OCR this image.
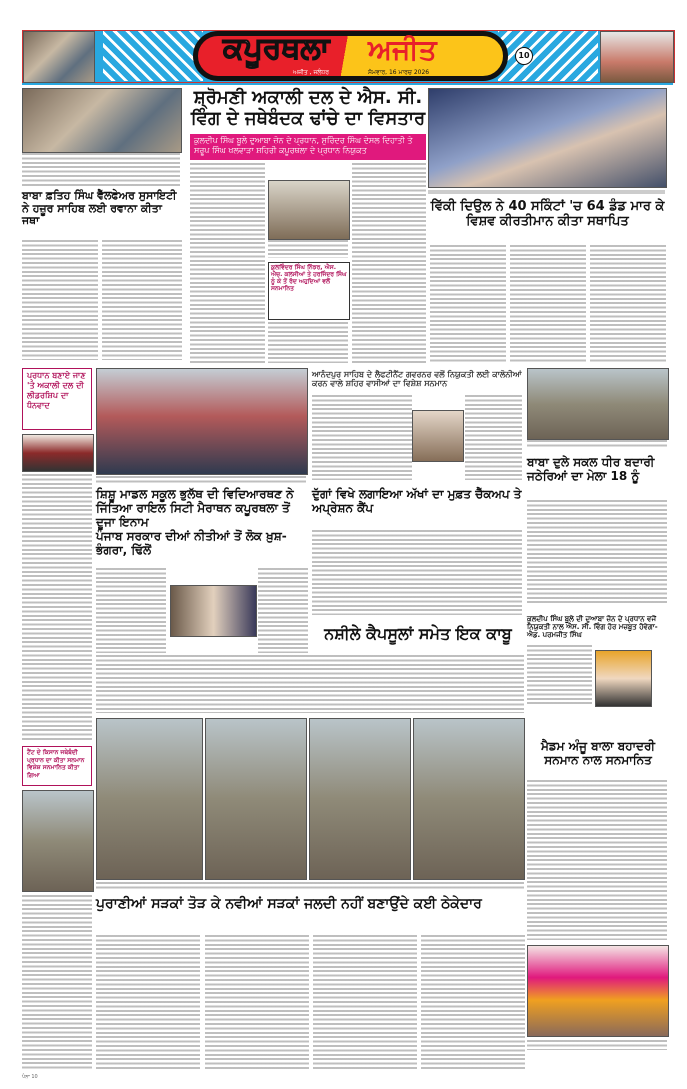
ਕਪੂਰਥਲਾ ਅਜੀਤ
ਅਜੀਤ , ਜਲੰਧਰ	ਸੋਮਵਾਰ, 16 ਮਾਰਚ 2026
10
ਬਾਬਾ ਫ਼ਤਿਹ ਸਿੰਘ ਵੈੱਲਫੇਅਰ ਸੁਸਾਇਟੀ ਨੇ ਹਜ਼ੂਰ ਸਾਹਿਬ ਲਈ ਰਵਾਨਾ ਕੀਤਾ ਜਥਾ
ਸ਼੍ਰੋਮਣੀ ਅਕਾਲੀ ਦਲ ਦੇ ਐਸ. ਸੀ. ਵਿੰਗ ਦੇ ਜਥੇਬੰਦਕ ਢਾਂਚੇ ਦਾ ਵਿਸਤਾਰ
ਕੁਲਦੀਪ ਸਿੰਘ ਬੂਲੇ ਦੁਆਬਾ ਜ਼ੋਨ ਦੇ ਪ੍ਰਧਾਨ, ਸੁਰਿੰਦਰ ਸਿੰਘ ਦੇਸਲ ਦਿਹਾਤੀ ਤੇ ਸਰੂਪ ਸਿੰਘ ਖਲਵਾੜਾ ਸ਼ਹਿਰੀ ਕਪੂਰਥਲਾ ਦੇ ਪ੍ਰਧਾਨ ਨਿਯੁਕਤ
ਕੁਲਵਿੰਦਰ ਸਿੰਘ ਨਿੱਝਰ, ਐਸ. ਐਚ. ਕਲਸੀਆਂ ਤੇ ਹਰਜਿੰਦਰ ਸਿੰਘ ਨੂੰ ਕੇ ਤੋਂ ਰੱਦ ਅਹੁਦਿਆਂ ਵਲੋਂ ਸਨਮਾਨਿਤ
ਵਿੱਕੀ ਦਿਉਲ ਨੇ 40 ਸਕਿੰਟਾਂ 'ਚ 64 ਡੰਡ ਮਾਰ ਕੇ ਵਿਸ਼ਵ ਕੀਰਤੀਮਾਨ ਕੀਤਾ ਸਥਾਪਿਤ
ਪ੍ਰਧਾਨ ਬਣਾਏ ਜਾਣ 'ਤੇ ਅਕਾਲੀ ਦਲ ਦੀ ਲੀਡਰਸ਼ਿਪ ਦਾ ਧੰਨਵਾਦ
ਟੈਂਟ ਦੇ ਕਿਸਾਨ ਜਥੇਬੰਦੀ ਪ੍ਰਧਾਨ ਦਾ ਕੀਤਾ ਸਨਮਾਨ ਵਿਸ਼ੇਸ਼ ਸਨਮਾਨਿਤ ਕੀਤਾ ਗਿਆ
ਸ਼ਿਸ਼ੂ ਮਾਡਲ ਸਕੂਲ ਭੁਲੱਥ ਦੀ ਵਿਦਿਆਰਥਣ ਨੇ ਜਿੱਤਿਆ ਰਾਇਲ ਸਿਟੀ ਮੈਰਾਥਨ ਕਪੂਰਥਲਾ ਤੋਂ ਦੂਜਾ ਇਨਾਮ
ਆਨੰਦਪੁਰ ਸਾਹਿਬ ਦੇ ਲੈਫਟੀਨੈਂਟ ਗਵਰਨਰ ਵਲੋਂ ਨਿਯੁਕਤੀ ਲਈ ਕਾਲੋਨੀਆਂ ਕਰਨ ਵਾਲੇ ਸ਼ਹਿਰ ਵਾਸੀਆਂ ਦਾ ਵਿਸ਼ੇਸ਼ ਸਨਮਾਨ
ਬਾਬਾ ਦੁਲੇ ਸਕਲ ਧੀਰ ਬਦਾਰੀ ਜਠੇਰਿਆਂ ਦਾ ਮੇਲਾ 18 ਨੂੰ
ਦੁੱਗਾਂ ਵਿਖੇ ਲਗਾਇਆ ਅੱਖਾਂ ਦਾ ਮੁਫ਼ਤ ਚੈੱਕਅਪ ਤੇ ਅਪ੍ਰੇਸ਼ਨ ਕੈਂਪ
ਪੰਜਾਬ ਸਰਕਾਰ ਦੀਆਂ ਨੀਤੀਆਂ ਤੋਂ ਲੋਕ ਖ਼ੁਸ਼-ਭੰਗਰਾ, ਢਿੱਲੋਂ
ਕੁਲਦੀਪ ਸਿੰਘ ਬੂਲੇ ਦੀ ਦੁਆਬਾ ਜ਼ੋਨ ਦੇ ਪ੍ਰਧਾਨ ਵਜੋਂ ਨਿਯੁਕਤੀ ਨਾਲ ਐਸ. ਸੀ. ਵਿੰਗ ਹੋਰ ਮਜ਼ਬੂਤ ਹੋਵੇਗਾ-ਐਡ. ਪਰਮਜੀਤ ਸਿੰਘ
ਮੈਡਮ ਅੰਜੂ ਬਾਲਾ ਬਹਾਦਰੀ ਸਨਮਾਨ ਨਾਲ ਸਨਮਾਨਿਤ
ਨਸ਼ੀਲੇ ਕੈਪਸੂਲਾਂ ਸਮੇਤ ਇਕ ਕਾਬੂ
ਪੁਰਾਣੀਆਂ ਸੜਕਾਂ ਤੋੜ ਕੇ ਨਵੀਆਂ ਸੜਕਾਂ ਜਲਦੀ ਨਹੀਂ ਬਣਾਉਂਦੇ ਕਈ ਠੇਕੇਦਾਰ
ਪੰਨਾ 10
